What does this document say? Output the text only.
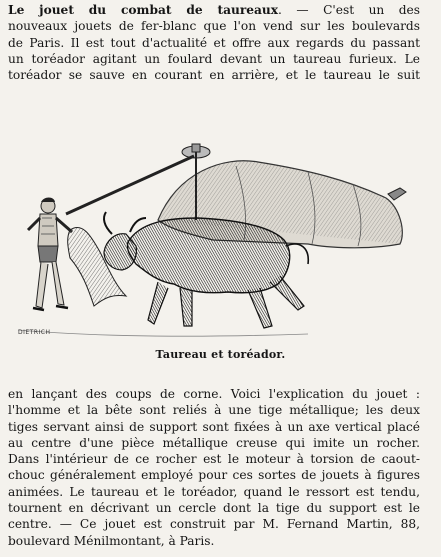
Le jouet du combat de taureaux. — C'est un des
nouveaux jouets de fer-blanc que l'on vend sur les boulevards
de Paris. Il est tout d'actualité et offre aux regards du passant
un toréador agitant un foulard devant un taureau furieux. Le
toréador se sauve en courant en arrière, et le taureau le suit
DIETRICH
Taureau et toréador.
en lançant des coups de corne. Voici l'explication du jouet :
l'homme et la bête sont reliés à une tige métallique; les deux
tiges servant ainsi de support sont fixées à un axe vertical placé
au centre d'une pièce métallique creuse qui imite un rocher.
Dans l'intérieur de ce rocher est le moteur à torsion de caout-
chouc généralement employé pour ces sortes de jouets à figures
animées. Le taureau et le toréador, quand le ressort est tendu,
tournent en décrivant un cercle dont la tige du support est le
centre. — Ce jouet est construit par M. Fernand Martin, 88,
boulevard Ménilmontant, à Paris.
